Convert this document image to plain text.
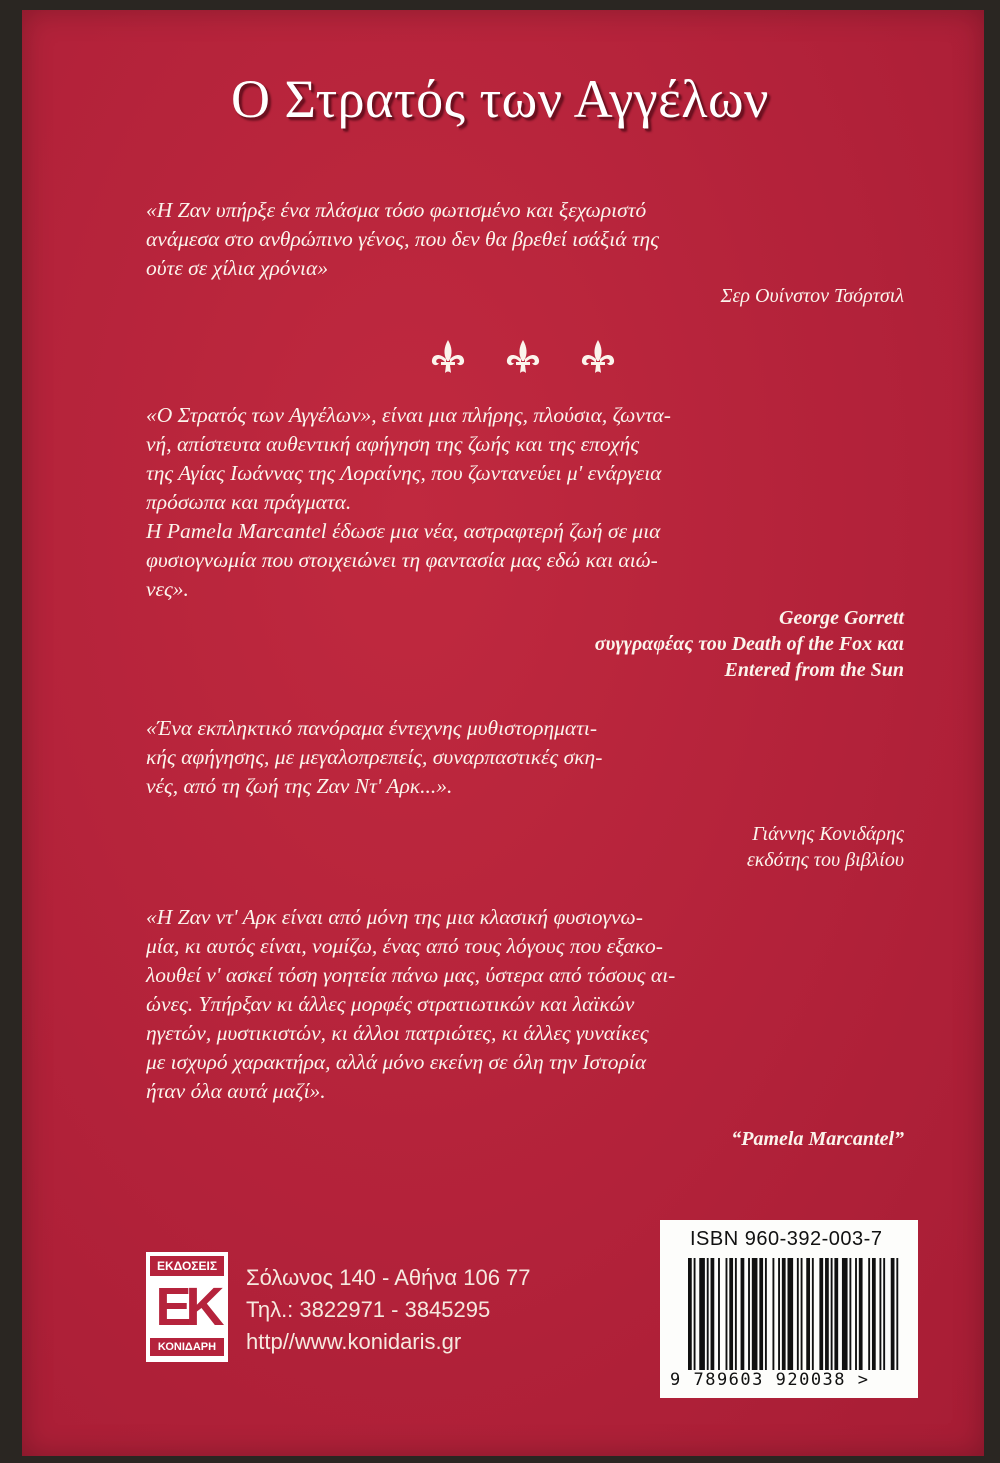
Ο Στρατός των Αγγέλων

«Η Ζαν υπήρξε ένα πλάσμα τόσο φωτισμένο και ξεχωριστό

ανάμεσα στο ανθρώπινο γένος, που δεν θα βρεθεί ισάξιά της

ούτε σε χίλια χρόνια»

Σερ Ουίνστον Τσόρτσιλ

«Ο Στρατός των Αγγέλων», είναι μια πλήρης, πλούσια, ζωντα-

νή, απίστευτα αυθεντική αφήγηση της ζωής και της εποχής

της Αγίας Ιωάννας της Λοραίνης, που ζωντανεύει μ' ενάργεια

πρόσωπα και πράγματα.

Η Pamela Marcantel έδωσε μια νέα, αστραφτερή ζωή σε μια

φυσιογνωμία που στοιχειώνει τη φαντασία μας εδώ και αιώ-

νες».

George Gorrett
συγγραφέας του Death of the Fox και
Entered from the Sun

«Ένα εκπληκτικό πανόραμα έντεχνης μυθιστορηματι-

κής αφήγησης, με μεγαλοπρεπείς, συναρπαστικές σκη-

νές, από τη ζωή της Ζαν Ντ' Αρκ...».

Γιάννης Κονιδάρης
εκδότης του βιβλίου

«Η Ζαν ντ' Αρκ είναι από μόνη της μια κλασική φυσιογνω-

μία, κι αυτός είναι, νομίζω, ένας από τους λόγους που εξακο-

λουθεί ν' ασκεί τόση γοητεία πάνω μας, ύστερα από τόσους αι-

ώνες. Υπήρξαν κι άλλες μορφές στρατιωτικών και λαϊκών

ηγετών, μυστικιστών, κι άλλοι πατριώτες, κι άλλες γυναίκες

με ισχυρό χαρακτήρα, αλλά μόνο εκείνη σε όλη την Ιστορία

ήταν όλα αυτά μαζί».

“Pamela Marcantel”
ΕΚΔΟΣΕΙΣ
ΕΚ
ΚΟΝΙΔΑΡΗ
Σόλωνος 140 - Αθήνα 106 77
Τηλ.: 3822971 - 3845295
http//www.konidaris.gr
ISBN 960-392-003-7
9 789603 920038 >
